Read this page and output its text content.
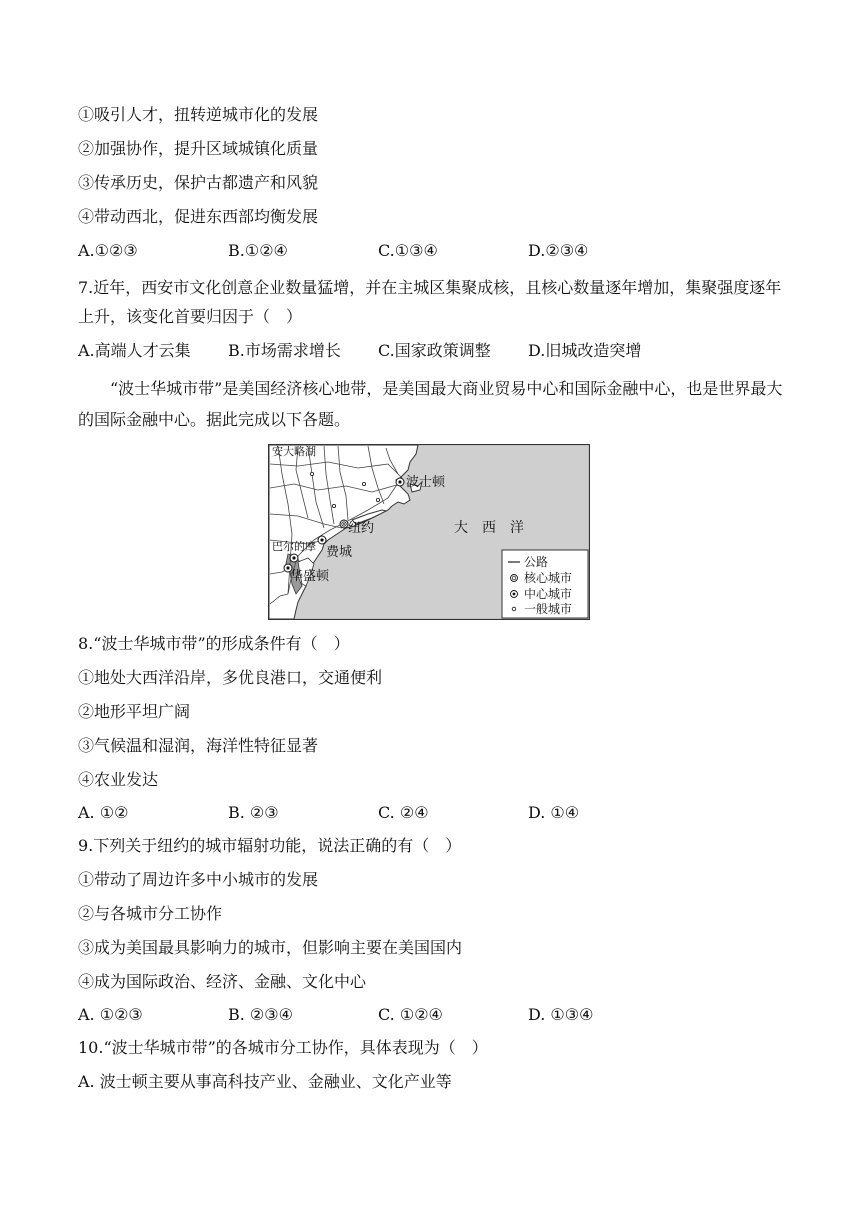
①吸引人才，扭转逆城市化的发展
②加强协作，提升区域城镇化质量
③传承历史，保护古都遗产和风貌
④带动西北，促进东西部均衡发展
A.①②③	B.①②④	C.①③④	D.②③④
7.近年，西安市文化创意企业数量猛增，并在主城区集聚成核，且核心数量逐年增加，集聚强度逐年上升，该变化首要归因于（　）
A.高端人才云集 B.市场需求增长 C.国家政策调整 D.旧城改造突增
“波士华城市带”是美国经济核心地带，是美国最大商业贸易中心和国际金融中心，也是世界最大的国际金融中心。据此完成以下各题。
安大略湖
波士顿
纽约
巴尔的摩 费城
华盛顿
大　西　洋
公路
核心城市
中心城市
一般城市
8.“波士华城市带”的形成条件有（　）
①地处大西洋沿岸，多优良港口，交通便利
②地形平坦广阔
③气候温和湿润，海洋性特征显著
④农业发达
A. ①②	B. ②③	C. ②④	D. ①④
9.下列关于纽约的城市辐射功能，说法正确的有（　）
①带动了周边许多中小城市的发展
②与各城市分工协作
③成为美国最具影响力的城市，但影响主要在美国国内
④成为国际政治、经济、金融、文化中心
A. ①②③	B. ②③④	C. ①②④	D. ①③④
10.“波士华城市带”的各城市分工协作，具体表现为（　）
A. 波士顿主要从事高科技产业、金融业、文化产业等
